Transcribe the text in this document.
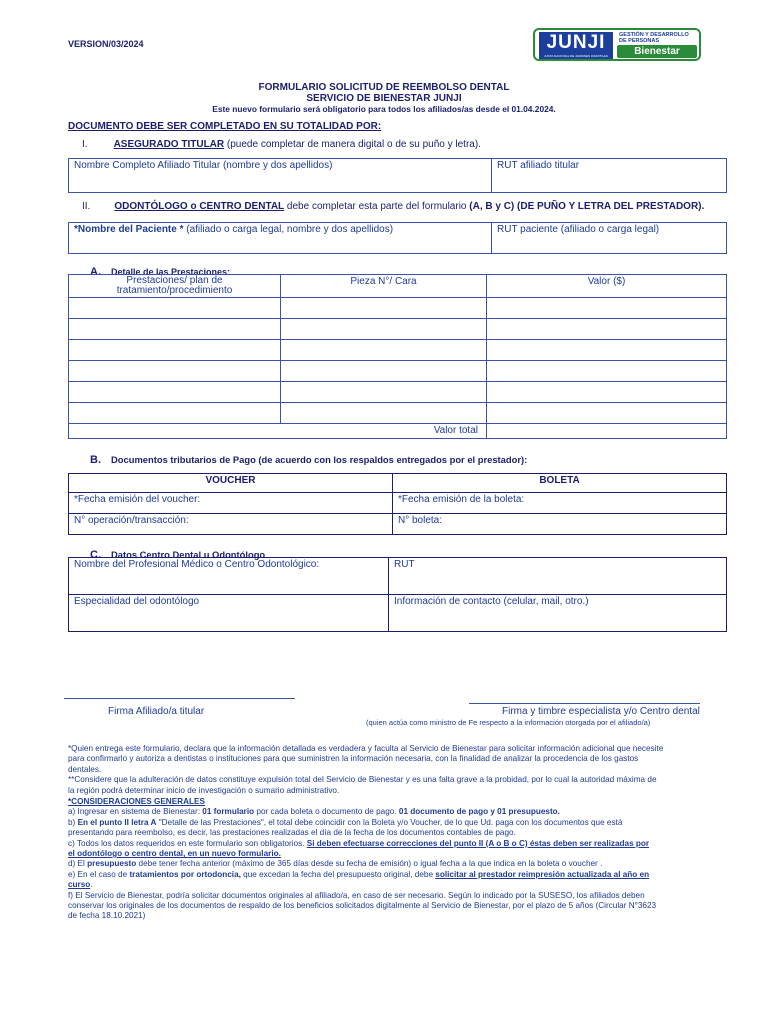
VERSION/03/2024	JUNJI
JUNTA NACIONAL DE JARDINES INFANTILES
GESTIÓN Y DESARROLLO
DE PERSONAS
Bienestar
FORMULARIO SOLICITUD DE REEMBOLSO DENTAL
SERVICIO DE BIENESTAR JUNJI
Este nuevo formulario será obligatorio para todos los afiliados/as desde el 01.04.2024.
DOCUMENTO DEBE SER COMPLETADO EN SU TOTALIDAD POR:
I.	ASEGURADO TITULAR (puede completar de manera digital o de su puño y letra).
Nombre Completo Afiliado Titular (nombre y dos apellidos)	RUT afiliado titular
II. ODONTÓLOGO o CENTRO DENTAL debe completar esta parte del formulario (A, B y C) (DE PUÑO Y LETRA DEL PRESTADOR).
*Nombre del Paciente * (afiliado o carga legal, nombre y dos apellidos)	RUT paciente (afiliado o carga legal)
A. Detalle de las Prestaciones:
Prestaciones/ plan de tratamiento/procedimiento	Pieza N°/ Cara	Valor ($)

Valor total		
B. Documentos tributarios de Pago (de acuerdo con los respaldos entregados por el prestador):
VOUCHER	BOLETA
*Fecha emisión del voucher:	*Fecha emisión de la boleta:
N° operación/transacción:	N° boleta:
C. Datos Centro Dental u Odontólogo
Nombre del Profesional Médico o Centro Odontológico:	RUT
Especialidad del odontólogo	Información de contacto (celular, mail, otro.)
Firma Afiliado/a titular	Firma y timbre especialista y/o Centro dental
(quien actúa como ministro de Fe respecto a la información otorgada por el afiliado/a)
*Quien entrega este formulario, declara que la información detallada es verdadera y faculta al Servicio de Bienestar para solicitar información adicional que necesite
para confirmarlo y autoriza a dentistas o instituciones para que suministren la información necesaria, con la finalidad de analizar la procedencia de los gastos
dentales.
**Considere que la adulteración de datos constituye expulsión total del Servicio de Bienestar y es una falta grave a la probidad, por lo cual la autoridad máxima de
la región podrá determinar inicio de investigación o sumario administrativo.
*CONSIDERACIONES GENERALES
a) Ingresar en sistema de Bienestar: 01 formulario por cada boleta o documento de pago. 01 documento de pago y 01 presupuesto.
b) En el punto II letra A "Detalle de las Prestaciones", el total debe coincidir con la Boleta y/o Voucher, de lo que Ud. paga con los documentos que está
presentando para reembolso, es decir, las prestaciones realizadas el día de la fecha de los documentos contables de pago.
c) Todos los datos requeridos en este formulario son obligatorios. Si deben efectuarse correcciones del punto II (A o B o C) éstas deben ser realizadas por
el odontólogo o centro dental, en un nuevo formulario.
d) El presupuesto debe tener fecha anterior (máximo de 365 días desde su fecha de emisión) o igual fecha a la que indica en la boleta o voucher .
e) En el caso de tratamientos por ortodoncia, que excedan la fecha del presupuesto original, debe solicitar al prestador reimpresión actualizada al año en
curso.
f) El Servicio de Bienestar, podría solicitar documentos originales al afiliado/a, en caso de ser necesario. Según lo indicado por la SUSESO, los afiliados deben
conservar los originales de los documentos de respaldo de los beneficios solicitados digitalmente al Servicio de Bienestar, por el plazo de 5 años (Circular N°3623
de fecha 18.10.2021)
